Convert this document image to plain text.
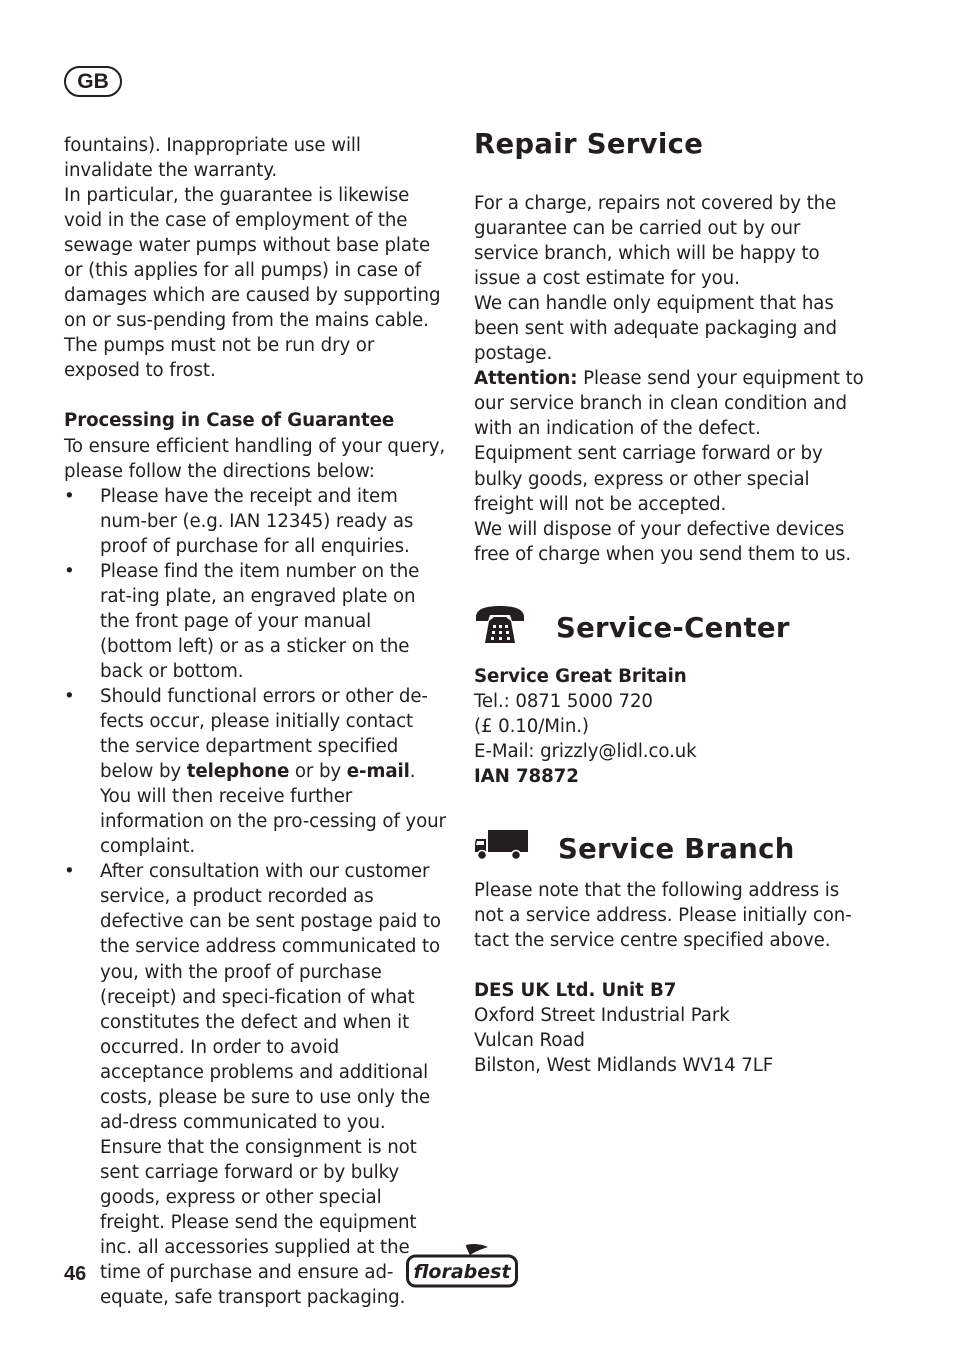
GB

fountains). Inappropriate use will invalidate the warranty.

In particular, the guarantee is likewise void in the case of employment of the sewage water pumps without base plate or (this applies for all pumps) in case of damages which are caused by supporting on or sus-pending from the mains cable. The pumps must not be run dry or exposed to frost.

Processing in Case of Guarantee

To ensure efficient handling of your query, please follow the directions below:

• Please have the receipt and item num-ber (e.g. IAN 12345) ready as proof of purchase for all enquiries.
• Please find the item number on the rat-ing plate, an engraved plate on the front page of your manual (bottom left) or as a sticker on the back or bottom.
• Should functional errors or other de-fects occur, please initially contact the service department specified below by telephone or by e-mail. You will then receive further information on the pro-cessing of your complaint.
• After consultation with our customer service, a product recorded as defective can be sent postage paid to the service address communicated to you, with the proof of purchase (receipt) and speci-fication of what constitutes the defect and when it occurred. In order to avoid acceptance problems and additional costs, please be sure to use only the ad-dress communicated to you. Ensure that the consignment is not sent carriage forward or by bulky goods, express or other special freight. Please send the equipment inc. all accessories supplied at the time of purchase and ensure ad-equate, safe transport packaging.
Repair Service

For a charge, repairs not covered by the guarantee can be carried out by our service branch, which will be happy to issue a cost estimate for you.

We can handle only equipment that has been sent with adequate packaging and postage.

Attention: Please send your equipment to our service branch in clean condition and with an indication of the defect.

Equipment sent carriage forward or by bulky goods, express or other special freight will not be accepted.

We will dispose of your defective devices free of charge when you send them to us.

Service-Center

Service Great Britain

Tel.: 0871 5000 720

(£ 0.10/Min.)

E-Mail: grizzly@lidl.co.uk

IAN 78872

Service Branch

Please note that the following address is not a service address. Please initially con-tact the service centre specified above.

DES UK Ltd. Unit B7

Oxford Street Industrial Park

Vulcan Road

Bilston, West Midlands WV14 7LF

46	florabest
